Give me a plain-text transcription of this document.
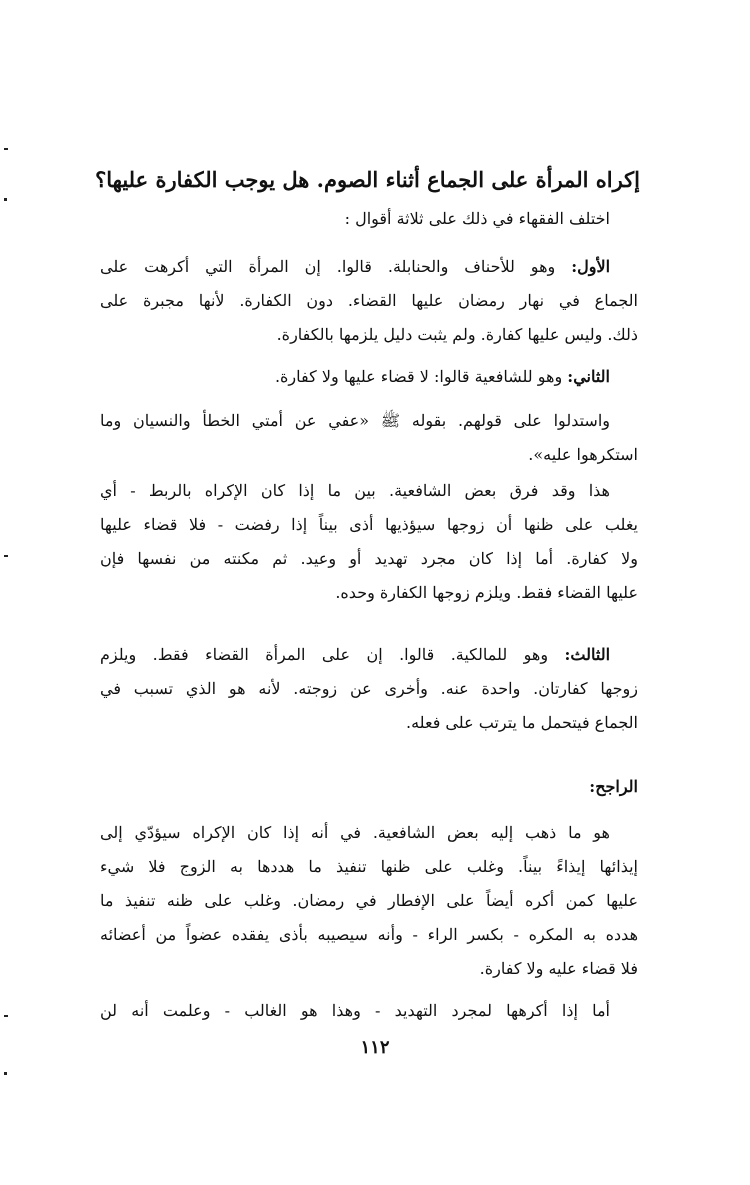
إكراه المرأة على الجماع أثناء الصوم. هل يوجب الكفارة عليها؟
اختلف الفقهاء في ذلك على ثلاثة أقوال :
الأول: وهو للأحناف والحنابلة. قالوا. إن المرأة التي أكرهت على
الجماع في نهار رمضان عليها القضاء. دون الكفارة. لأنها مجبرة على
ذلك. وليس عليها كفارة. ولم يثبت دليل يلزمها بالكفارة.
الثاني: وهو للشافعية قالوا: لا قضاء عليها ولا كفارة.
واستدلوا على قولهم. بقوله ﷺ «عفي عن أمتي الخطأ والنسيان وما
استكرهوا عليه».
هذا وقد فرق بعض الشافعية. بين ما إذا كان الإكراه بالربط - أي
يغلب على ظنها أن زوجها سيؤذيها أذى بيناً إذا رفضت - فلا قضاء عليها
ولا كفارة. أما إذا كان مجرد تهديد أو وعيد. ثم مكنته من نفسها فإن
عليها القضاء فقط. ويلزم زوجها الكفارة وحده.
الثالث: وهو للمالكية. قالوا. إن على المرأة القضاء فقط. ويلزم
زوجها كفارتان. واحدة عنه. وأخرى عن زوجته. لأنه هو الذي تسبب في
الجماع فيتحمل ما يترتب على فعله.
الراجح:
هو ما ذهب إليه بعض الشافعية. في أنه إذا كان الإكراه سيؤدّي إلى
إيذائها إيذاءً بيناً. وغلب على ظنها تنفيذ ما هددها به الزوج فلا شيء
عليها كمن أكره أيضاً على الإفطار في رمضان. وغلب على ظنه تنفيذ ما
هدده به المكره - بكسر الراء - وأنه سيصيبه بأذى يفقده عضواً من أعضائه
فلا قضاء عليه ولا كفارة.
أما إذا أكرهها لمجرد التهديد - وهذا هو الغالب - وعلمت أنه لن
١١٢
